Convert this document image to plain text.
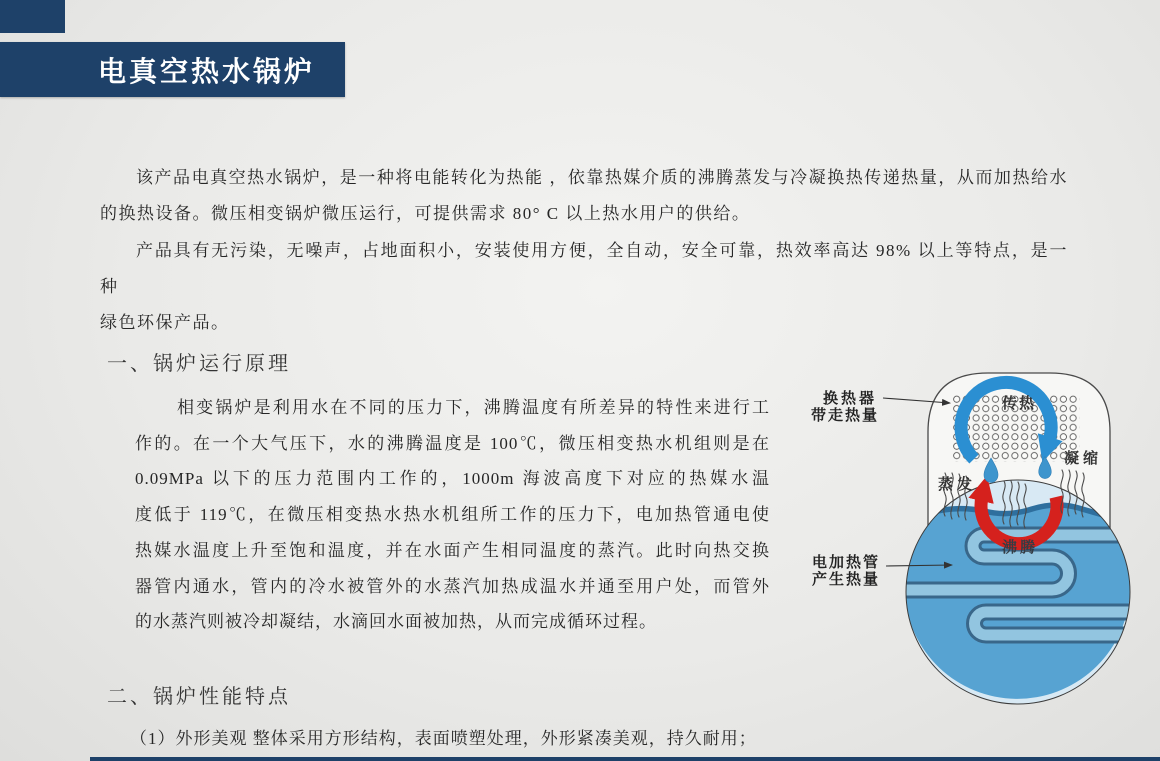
电真空热水锅炉
该产品电真空热水锅炉，是一种将电能转化为热能 ，依靠热媒介质的沸腾蒸发与冷凝换热传递热量，从而加热给水
的换热设备。微压相变锅炉微压运行，可提供需求 80° C 以上热水用户的供给。
产品具有无污染，无噪声，占地面积小，安装使用方便，全自动，安全可靠，热效率高达 98% 以上等特点，是一种
绿色环保产品。
一、锅炉运行原理
相变锅炉是利用水在不同的压力下，沸腾温度有所差异的特性来进行工
作的。在一个大气压下，水的沸腾温度是 100℃，微压相变热水机组则是在
0.09MPa 以下的压力范围内工作的，1000m 海波高度下对应的热媒水温
度低于 119℃，在微压相变热水热水机组所工作的压力下，电加热管通电使
热媒水温度上升至饱和温度，并在水面产生相同温度的蒸汽。此时向热交换
器管内通水，管内的冷水被管外的水蒸汽加热成温水并通至用户处，而管外
的水蒸汽则被冷却凝结，水滴回水面被加热，从而完成循环过程。
二、锅炉性能特点
（1）外形美观 整体采用方形结构，表面喷塑处理，外形紧凑美观，持久耐用；
传热
凝缩
蒸发
沸腾
换热器
带走热量
电加热管
产生热量
